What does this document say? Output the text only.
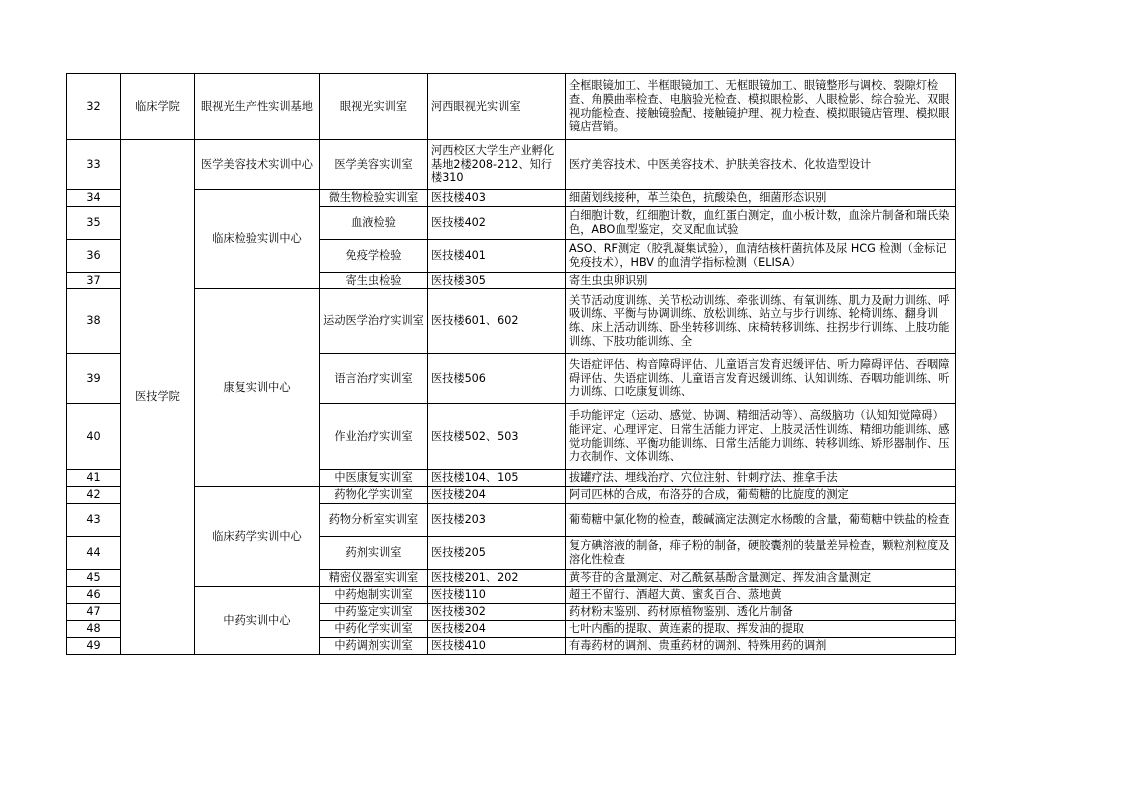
32	临床学院	眼视光生产性实训基地	眼视光实训室	河西眼视光实训室	全框眼镜加工、半框眼镜加工、无框眼镜加工、眼镜整形与调校、裂隙灯检查、角膜曲率检查、电脑验光检查、模拟眼检影、人眼检影、综合验光、双眼视功能检查、接触镜验配、接触镜护理、视力检查、模拟眼镜店管理、模拟眼镜店营销。
33	医技学院	医学美容技术实训中心	医学美容实训室	河西校区大学生产业孵化基地2楼208-212、知行楼310	医疗美容技术、中医美容技术、护肤美容技术、化妆造型设计
34		临床检验实训中心	微生物检验实训室	医技楼403	细菌划线接种，革兰染色，抗酸染色，细菌形态识别
35			血液检验	医技楼402	白细胞计数，红细胞计数，血红蛋白测定，血小板计数，血涂片制备和瑞氏染色，ABO血型鉴定，交叉配血试验
36			免疫学检验	医技楼401	ASO、RF测定（胶乳凝集试验），血清结核杆菌抗体及尿 HCG 检测（金标记免疫技术），HBV 的血清学指标检测（ELISA）
37			寄生虫检验	医技楼305	寄生虫虫卵识别
38		康复实训中心	运动医学治疗实训室	医技楼601、602	关节活动度训练、关节松动训练、牵张训练、有氧训练、肌力及耐力训练、呼吸训练、平衡与协调训练、放松训练、站立与步行训练、轮椅训练、翻身训练、床上活动训练、卧坐转移训练、床椅转移训练、拄拐步行训练、上肢功能训练、下肢功能训练、全
39			语言治疗实训室	医技楼506	失语症评估、构音障碍评估、儿童语言发育迟缓评估、听力障碍评估、吞咽障碍评估、失语症训练、儿童语言发育迟缓训练、认知训练、吞咽功能训练、听力训练、口吃康复训练、
40			作业治疗实训室	医技楼502、503	手功能评定（运动、感觉、协调、精细活动等）、高级脑功（认知知觉障碍）能评定、心理评定、日常生活能力评定、上肢灵活性训练、精细功能训练、感觉功能训练、平衡功能训练、日常生活能力训练、转移训练、矫形器制作、压力衣制作、文体训练、
41			中医康复实训室	医技楼104、105	拔罐疗法、埋线治疗、穴位注射、针刺疗法、推拿手法
42		临床药学实训中心	药物化学实训室	医技楼204	阿司匹林的合成，布洛芬的合成，葡萄糖的比旋度的测定
43			药物分析室实训室	医技楼203	葡萄糖中氯化物的检查，酸碱滴定法测定水杨酸的含量，葡萄糖中铁盐的检查
44			药剂实训室	医技楼205	复方碘溶液的制备，痱子粉的制备，硬胶囊剂的装量差异检查，颗粒剂粒度及溶化性检查
45			精密仪器室实训室	医技楼201、202	黄芩苷的含量测定、对乙酰氨基酚含量测定、挥发油含量测定
46		中药实训中心	中药炮制实训室	医技楼110	超王不留行、酒超大黄、蜜炙百合、蒸地黄
47			中药鉴定实训室	医技楼302	药材粉末鉴别、药材原植物鉴别、透化片制备
48			中药化学实训室	医技楼204	七叶内酯的提取、黄连素的提取、挥发油的提取
49			中药调剂实训室	医技楼410	有毒药材的调剂、贵重药材的调剂、特殊用药的调剂
